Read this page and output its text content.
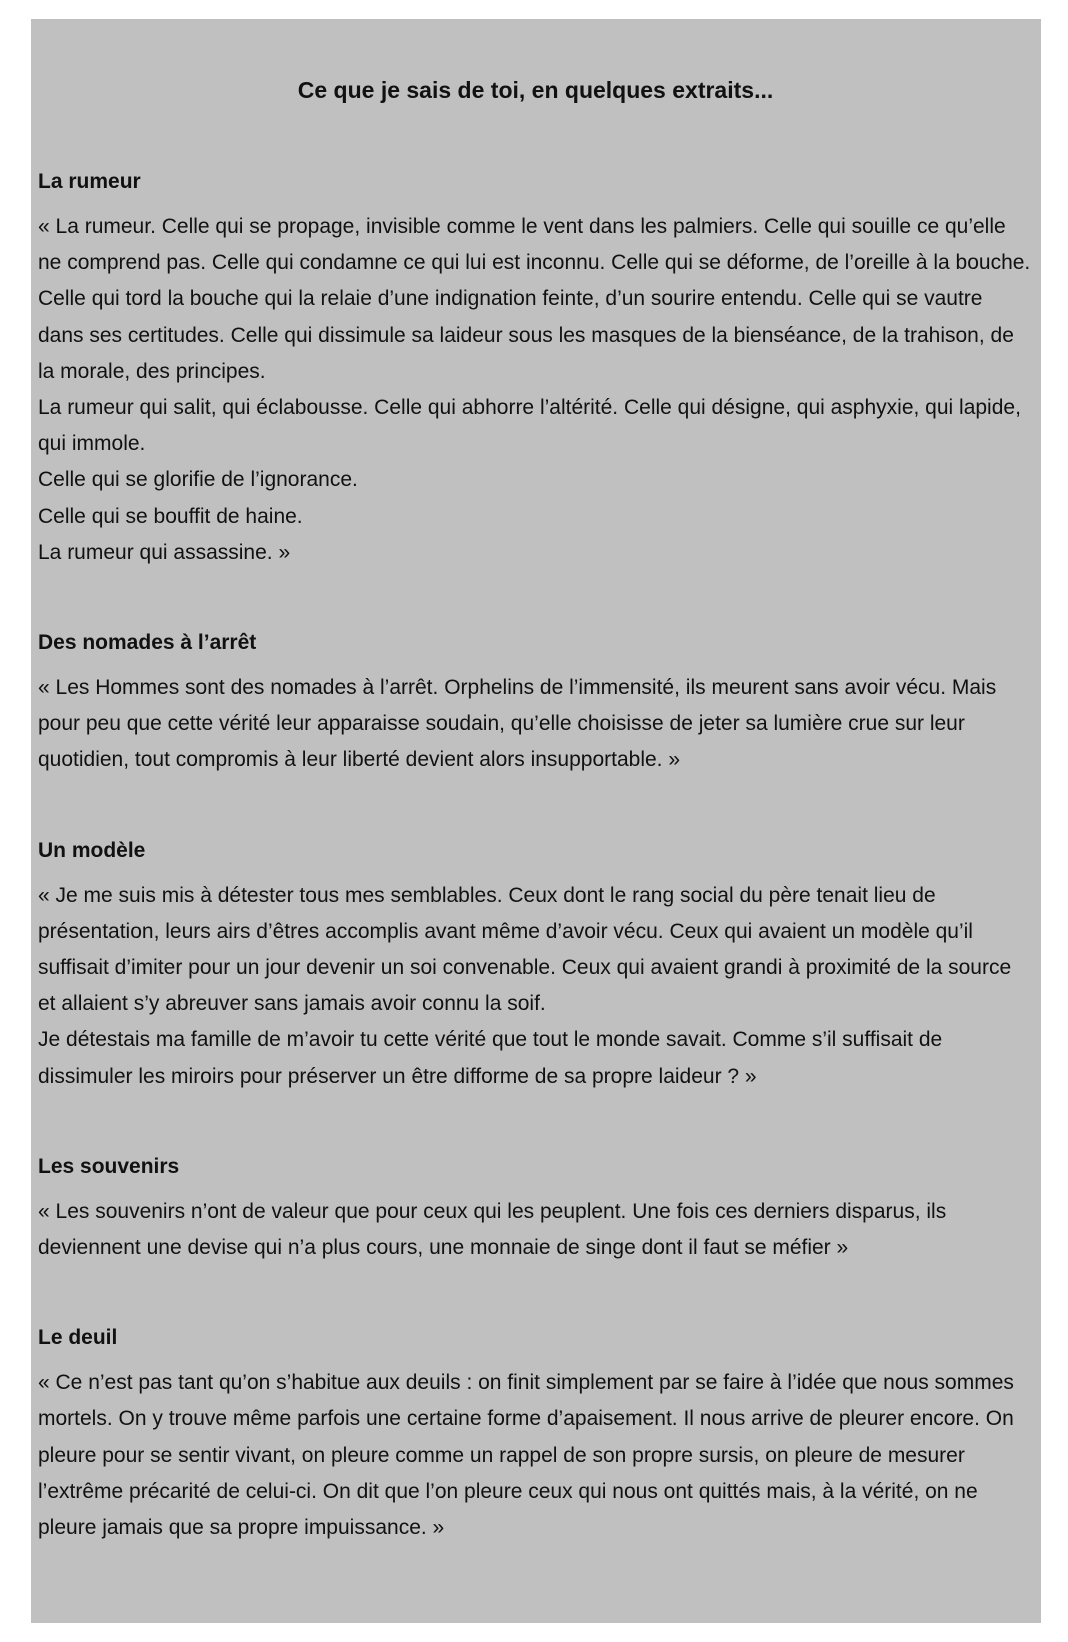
Ce que je sais de toi, en quelques extraits...
La rumeur

« La rumeur. Celle qui se propage, invisible comme le vent dans les palmiers. Celle qui souille ce qu’elle ne comprend pas. Celle qui condamne ce qui lui est inconnu. Celle qui se déforme, de l’oreille à la bouche. Celle qui tord la bouche qui la relaie d’une indignation feinte, d’un sourire entendu. Celle qui se vautre dans ses certitudes. Celle qui dissimule sa laideur sous les masques de la bienséance, de la trahison, de la morale, des principes.
La rumeur qui salit, qui éclabousse. Celle qui abhorre l’altérité. Celle qui désigne, qui asphyxie, qui lapide, qui immole.
Celle qui se glorifie de l’ignorance.
Celle qui se bouffit de haine.
La rumeur qui assassine. »

Des nomades à l’arrêt

« Les Hommes sont des nomades à l’arrêt. Orphelins de l’immensité, ils meurent sans avoir vécu. Mais pour peu que cette vérité leur apparaisse soudain, qu’elle choisisse de jeter sa lumière crue sur leur quotidien, tout compromis à leur liberté devient alors insupportable. »

Un modèle

« Je me suis mis à détester tous mes semblables. Ceux dont le rang social du père tenait lieu de présentation, leurs airs d’êtres accomplis avant même d’avoir vécu. Ceux qui avaient un modèle qu’il suffisait d’imiter pour un jour devenir un soi convenable. Ceux qui avaient grandi à proximité de la source et allaient s’y abreuver sans jamais avoir connu la soif.
Je détestais ma famille de m’avoir tu cette vérité que tout le monde savait. Comme s’il suffisait de dissimuler les miroirs pour préserver un être difforme de sa propre laideur ? »

Les souvenirs

« Les souvenirs n’ont de valeur que pour ceux qui les peuplent. Une fois ces derniers disparus, ils deviennent une devise qui n’a plus cours, une monnaie de singe dont il faut se méfier »

Le deuil

« Ce n’est pas tant qu’on s’habitue aux deuils : on finit simplement par se faire à l’idée que nous sommes mortels. On y trouve même parfois une certaine forme d’apaisement. Il nous arrive de pleurer encore. On pleure pour se sentir vivant, on pleure comme un rappel de son propre sursis, on pleure de mesurer l’extrême précarité de celui-ci. On dit que l’on pleure ceux qui nous ont quittés mais, à la vérité, on ne pleure jamais que sa propre impuissance. »
